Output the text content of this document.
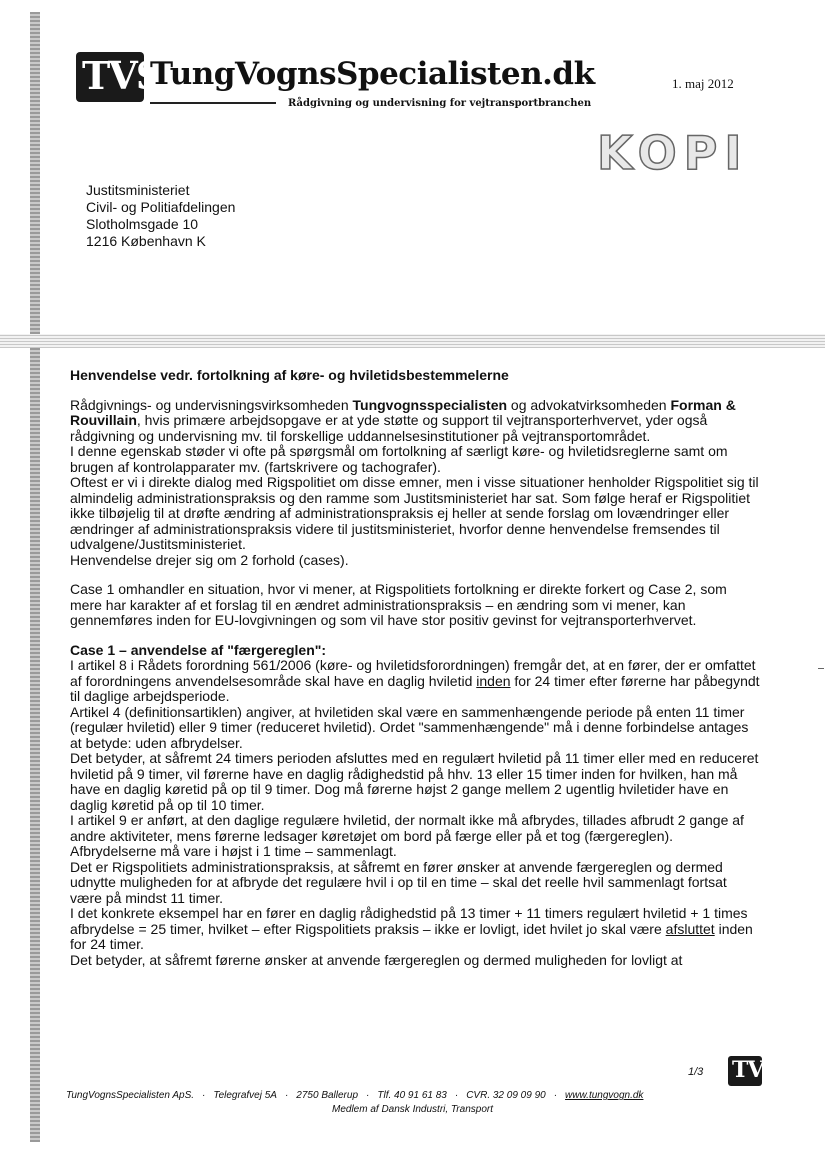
TVS
TungVognsSpecialisten.dk
Rådgivning og undervisning for vejtransportbranchen
1. maj 2012
KOPI
Justitsministeriet
Civil- og Politiafdelingen
Slotholmsgade 10
1216 København K

Henvendelse vedr. fortolkning af køre- og hviletidsbestemmelerne

Rådgivnings- og undervisningsvirksomheden Tungvognsspecialisten og advokatvirksomheden Forman & Rouvillain, hvis primære arbejdsopgave er at yde støtte og support til vejtransporterhvervet, yder også rådgivning og undervisning mv. til forskellige uddannelsesinstitutioner på vejtransportområdet.

I denne egenskab støder vi ofte på spørgsmål om fortolkning af særligt køre- og hviletidsreglerne samt om brugen af kontrolapparater mv. (fartskrivere og tachografer).

Oftest er vi i direkte dialog med Rigspolitiet om disse emner, men i visse situationer henholder Rigspolitiet sig til almindelig administrationspraksis og den ramme som Justitsministeriet har sat. Som følge heraf er Rigspolitiet ikke tilbøjelig til at drøfte ændring af administrationspraksis ej heller at sende forslag om lovændringer eller ændringer af administrationspraksis videre til justitsministeriet, hvorfor denne henvendelse fremsendes til udvalgene/Justitsministeriet.

Henvendelse drejer sig om 2 forhold (cases).

Case 1 omhandler en situation, hvor vi mener, at Rigspolitiets fortolkning er direkte forkert og Case 2, som mere har karakter af et forslag til en ændret administrationspraksis – en ændring som vi mener, kan gennemføres inden for EU-lovgivningen og som vil have stor positiv gevinst for vejtransporterhvervet.

Case 1 – anvendelse af "færgereglen":

I artikel 8 i Rådets forordning 561/2006 (køre- og hviletidsforordningen) fremgår det, at en fører, der er omfattet af forordningens anvendelsesområde skal have en daglig hviletid inden for 24 timer efter førerne har påbegyndt til daglige arbejdsperiode.

Artikel 4 (definitionsartiklen) angiver, at hviletiden skal være en sammenhængende periode på enten 11 timer (regulær hviletid) eller 9 timer (reduceret hviletid). Ordet "sammenhængende" må i denne forbindelse antages at betyde: uden afbrydelser.

Det betyder, at såfremt 24 timers perioden afsluttes med en regulært hviletid på 11 timer eller med en reduceret hviletid på 9 timer, vil førerne have en daglig rådighedstid på hhv. 13 eller 15 timer inden for hvilken, han må have en daglig køretid på op til 9 timer. Dog må førerne højst 2 gange mellem 2 ugentlig hviletider have en daglig køretid på op til 10 timer.

I artikel 9 er anført, at den daglige regulære hviletid, der normalt ikke må afbrydes, tillades afbrudt 2 gange af andre aktiviteter, mens førerne ledsager køretøjet om bord på færge eller på et tog (færgereglen). Afbrydelserne må vare i højst i 1 time – sammenlagt.

Det er Rigspolitiets administrationspraksis, at såfremt en fører ønsker at anvende færgereglen og dermed udnytte muligheden for at afbryde det regulære hvil i op til en time – skal det reelle hvil sammenlagt fortsat være på mindst 11 timer.

I det konkrete eksempel har en fører en daglig rådighedstid på 13 timer + 11 timers regulært hviletid + 1 times afbrydelse = 25 timer, hvilket – efter Rigspolitiets praksis – ikke er lovligt, idet hvilet jo skal være afsluttet inden for 24 timer.

Det betyder, at såfremt førerne ønsker at anvende færgereglen og dermed muligheden for lovligt at

1/3 TVS
TungVognsSpecialisten ApS. · Telegrafvej 5A · 2750 Ballerup · Tlf. 40 91 61 83 · CVR. 32 09 09 90 · www.tungvogn.dk
Medlem af Dansk Industri, Transport
